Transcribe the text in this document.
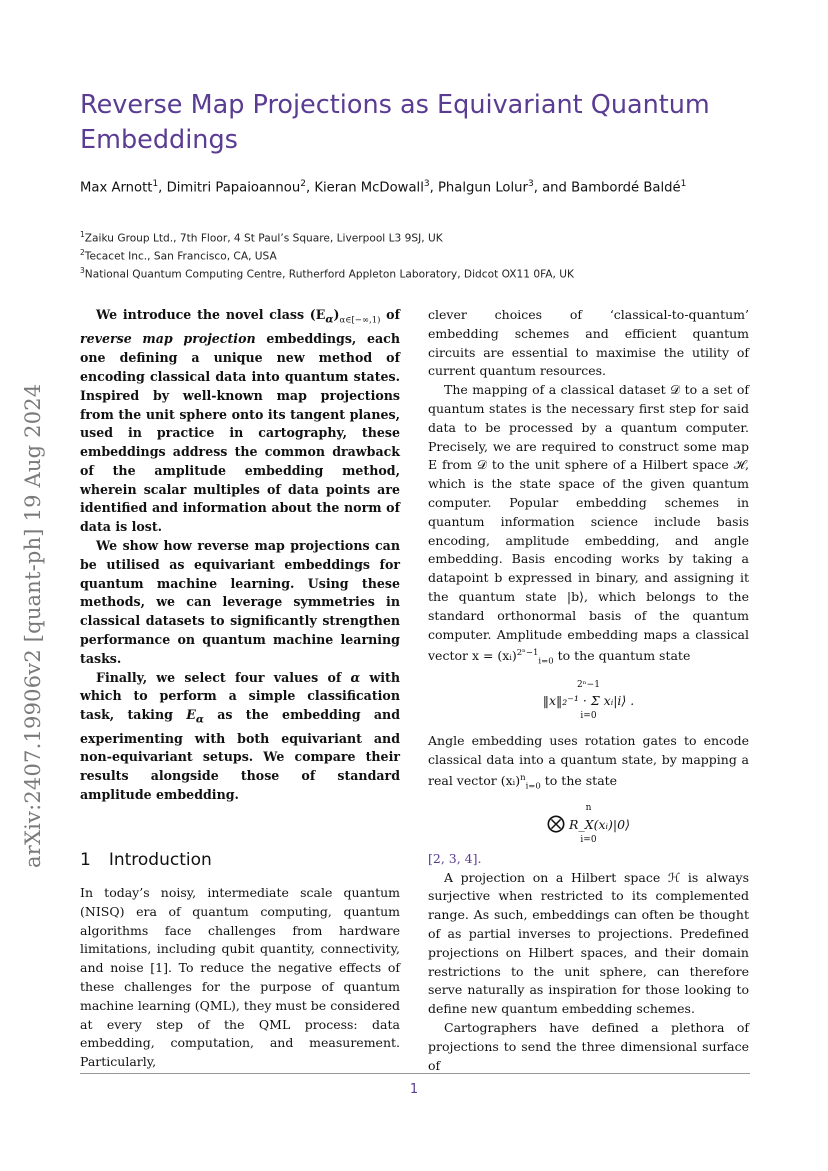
arXiv:2407.19906v2 [quant-ph] 19 Aug 2024
Reverse Map Projections as Equivariant Quantum Embeddings
Max Arnott$^1$, Dimitri Papaioannou$^2$, Kieran McDowall$^3$, Phalgun Lolur$^3$, and Bambordé Baldé$^1$
$^1$Zaiku Group Ltd., 7th Floor, 4 St Paul’s Square, Liverpool L3 9SJ, UK
$^2$Tecacet Inc., San Francisco, CA, USA
$^3$National Quantum Computing Centre, Rutherford Appleton Laboratory, Didcot OX11 0FA, UK

We introduce the novel class $(E_\alpha)_{\alpha\in[-\infty,1)}$ of reverse map projection embeddings, each one defining a unique new method of encoding classical data into quantum states. Inspired by well-known map projections from the unit sphere onto its tangent planes, used in practice in cartography, these embeddings address the common drawback of the amplitude embedding method, wherein scalar multiples of data points are identified and information about the norm of data is lost.

We show how reverse map projections can be utilised as equivariant embeddings for quantum machine learning. Using these methods, we can leverage symmetries in classical datasets to significantly strengthen performance on quantum machine learning tasks.

Finally, we select four values of α with which to perform a simple classification task, taking $E_\alpha$ as the embedding and experimenting with both equivariant and non-equivariant setups. We compare their results alongside those of standard amplitude embedding.

1 Introduction

In today’s noisy, intermediate scale quantum (NISQ) era of quantum computing, quantum algorithms face challenges from hardware limitations, including qubit quantity, connectivity, and noise [1]. To reduce the negative effects of these challenges for the purpose of quantum machine learning (QML), they must be considered at every step of the QML process: data embedding, computation, and measurement. Particularly,

clever choices of ‘classical-to-quantum’ embedding schemes and efficient quantum circuits are essential to maximise the utility of current quantum resources.

The mapping of a classical dataset 𝒟 to a set of quantum states is the necessary first step for said data to be processed by a quantum computer. Precisely, we are required to construct some map E from 𝒟 to the unit sphere of a Hilbert space ℋ, which is the state space of the given quantum computer. Popular embedding schemes in quantum information science include basis encoding, amplitude embedding, and angle embedding. Basis encoding works by taking a datapoint b expressed in binary, and assigning it the quantum state |b⟩, which belongs to the standard orthonormal basis of the quantum computer. Amplitude embedding maps a classical vector x = (xᵢ)$^{2^n-1}_{i=0}$ to the quantum state

2ⁿ−1
‖x‖₂⁻¹ · Σ xᵢ|i⟩ .
i=0

Angle embedding uses rotation gates to encode classical data into a quantum state, by mapping a real vector (xᵢ)$^n_{i=0}$ to the state

n
⨂ R_X(xᵢ)|0⟩
i=0

[2, 3, 4].

A projection on a Hilbert space ℋ is always surjective when restricted to its complemented range. As such, embeddings can often be thought of as partial inverses to projections. Predefined projections on Hilbert spaces, and their domain restrictions to the unit sphere, can therefore serve naturally as inspiration for those looking to define new quantum embedding schemes.

Cartographers have defined a plethora of projections to send the three dimensional surface of

1
